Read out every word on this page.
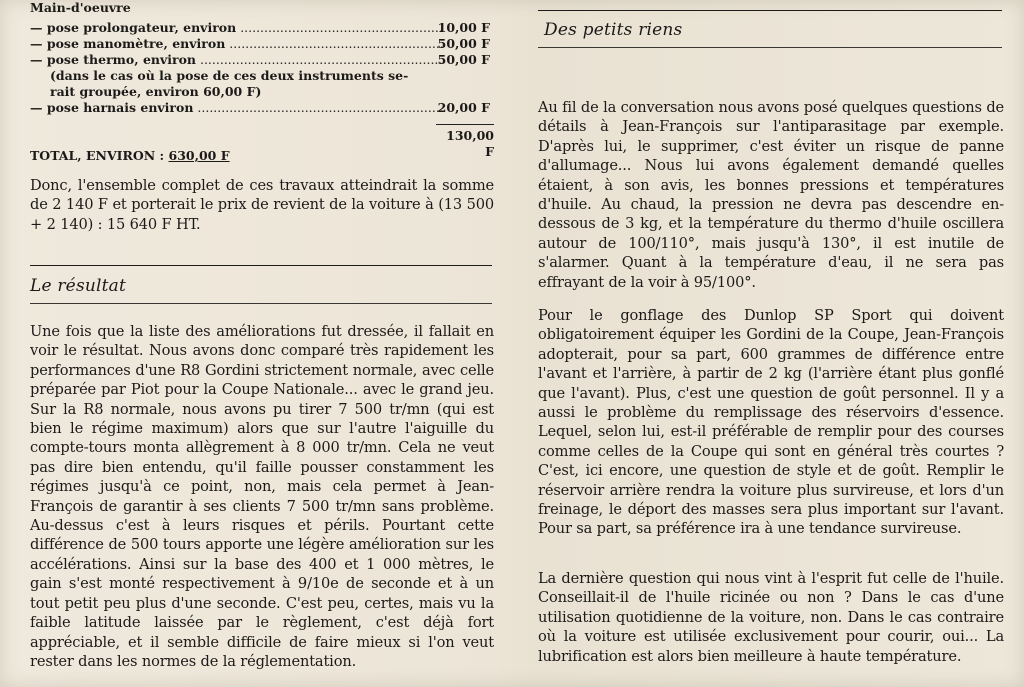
Main-d'oeuvre
— pose prolongateur, environ .....	10,00 F
— pose manomètre, environ .....	50,00 F
— pose thermo, environ .....	50,00 F
(dans le cas où la pose de ces deux instruments se-
rait groupée, environ 60,00 F)
— pose harnais environ .....	20,00 F
130,00 F
TOTAL, ENVIRON : 630,00 F

Donc, l'ensemble complet de ces travaux atteindrait la somme de 2 140 F et porterait le prix de revient de la voiture à (13 500 + 2 140) : 15 640 F HT.

Le résultat

Une fois que la liste des améliorations fut dressée, il fallait en voir le résultat. Nous avons donc comparé très rapidement les performances d'une R8 Gordini strictement normale, avec celle préparée par Piot pour la Coupe Nationale... avec le grand jeu. Sur la R8 normale, nous avons pu tirer 7 500 tr/mn (qui est bien le régime maximum) alors que sur l'autre l'aiguille du compte-tours monta allègrement à 8 000 tr/mn. Cela ne veut pas dire bien entendu, qu'il faille pousser constamment les régimes jusqu'à ce point, non, mais cela permet à Jean-François de garantir à ses clients 7 500 tr/mn sans problème. Au-dessus c'est à leurs risques et périls. Pourtant cette différence de 500 tours apporte une légère amélioration sur les accélérations. Ainsi sur la base des 400 et 1 000 mètres, le gain s'est monté respectivement à 9/10e de seconde et à un tout petit peu plus d'une seconde. C'est peu, certes, mais vu la faible latitude laissée par le règlement, c'est déjà fort appréciable, et il semble difficile de faire mieux si l'on veut rester dans les normes de la réglementation.

Des petits riens

Au fil de la conversation nous avons posé quelques questions de détails à Jean-François sur l'antiparasitage par exemple. D'après lui, le supprimer, c'est éviter un risque de panne d'allumage... Nous lui avons également demandé quelles étaient, à son avis, les bonnes pressions et températures d'huile. Au chaud, la pression ne devra pas descendre en-dessous de 3 kg, et la température du thermo d'huile oscillera autour de 100/110°, mais jusqu'à 130°, il est inutile de s'alarmer. Quant à la température d'eau, il ne sera pas effrayant de la voir à 95/100°.

Pour le gonflage des Dunlop SP Sport qui doivent obligatoirement équiper les Gordini de la Coupe, Jean-François adopterait, pour sa part, 600 grammes de différence entre l'avant et l'arrière, à partir de 2 kg (l'arrière étant plus gonflé que l'avant). Plus, c'est une question de goût personnel. Il y a aussi le problème du remplissage des réservoirs d'essence. Lequel, selon lui, est-il préférable de remplir pour des courses comme celles de la Coupe qui sont en général très courtes ? C'est, ici encore, une question de style et de goût. Remplir le réservoir arrière rendra la voiture plus survireuse, et lors d'un freinage, le déport des masses sera plus important sur l'avant. Pour sa part, sa préférence ira à une tendance survireuse.

La dernière question qui nous vint à l'esprit fut celle de l'huile. Conseillait-il de l'huile ricinée ou non ? Dans le cas d'une utilisation quotidienne de la voiture, non. Dans le cas contraire où la voiture est utilisée exclusivement pour courir, oui... La lubrification est alors bien meilleure à haute température.
